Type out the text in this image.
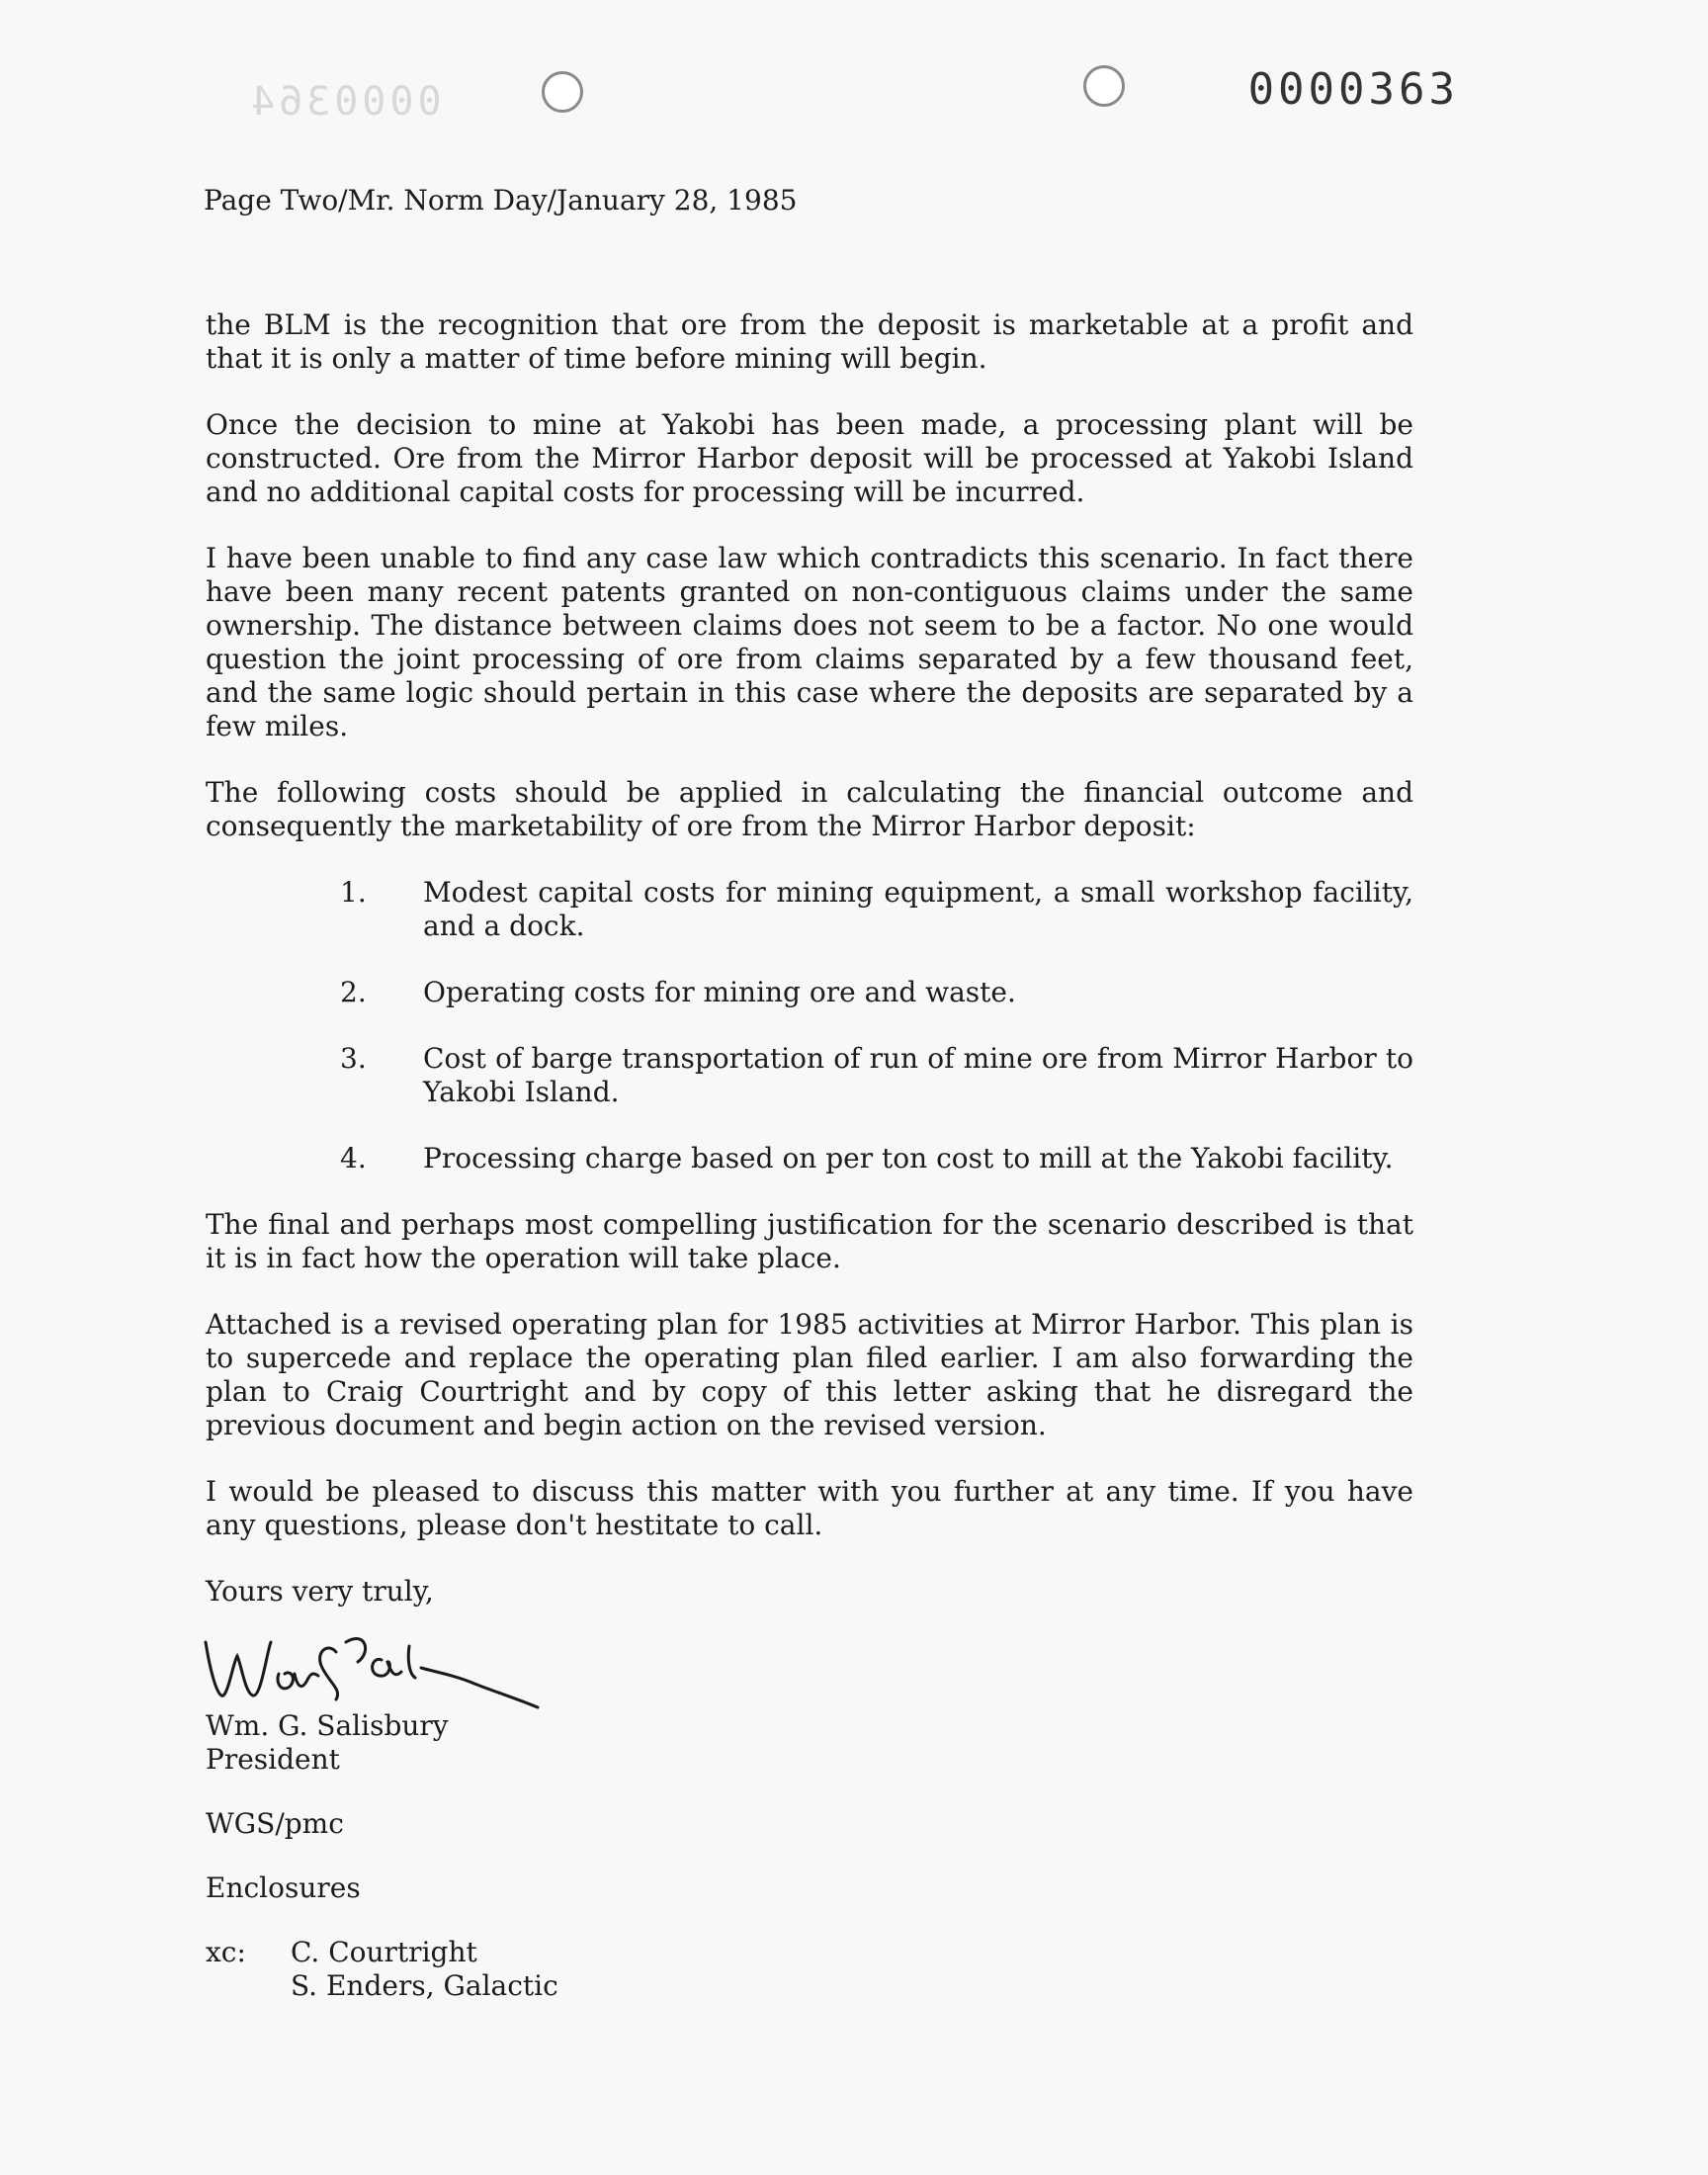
0000364	0000363
Page Two/Mr. Norm Day/January 28, 1985

the BLM is the recognition that ore from the deposit is marketable at a profit and that it is only a matter of time before mining will begin.

Once the decision to mine at Yakobi has been made, a processing plant will be constructed. Ore from the Mirror Harbor deposit will be processed at Yakobi Island and no additional capital costs for processing will be incurred.

I have been unable to find any case law which contradicts this scenario. In fact there have been many recent patents granted on non-contiguous claims under the same ownership. The distance between claims does not seem to be a factor. No one would question the joint processing of ore from claims separated by a few thousand feet, and the same logic should pertain in this case where the deposits are separated by a few miles.

The following costs should be applied in calculating the financial outcome and consequently the marketability of ore from the Mirror Harbor deposit:

1.	Modest capital costs for mining equipment, a small workshop facility, and a dock.
2.	Operating costs for mining ore and waste.
3.	Cost of barge transportation of run of mine ore from Mirror Harbor to Yakobi Island.
4.	Processing charge based on per ton cost to mill at the Yakobi facility.

The final and perhaps most compelling justification for the scenario described is that it is in fact how the operation will take place.

Attached is a revised operating plan for 1985 activities at Mirror Harbor. This plan is to supercede and replace the operating plan filed earlier. I am also forwarding the plan to Craig Courtright and by copy of this letter asking that he disregard the previous document and begin action on the revised version.

I would be pleased to discuss this matter with you further at any time. If you have any questions, please don't hestitate to call.

Yours very truly,
Wm. G. Salisbury
President
WGS/pmc
Enclosures
xc:	C. Courtright
S. Enders, Galactic
